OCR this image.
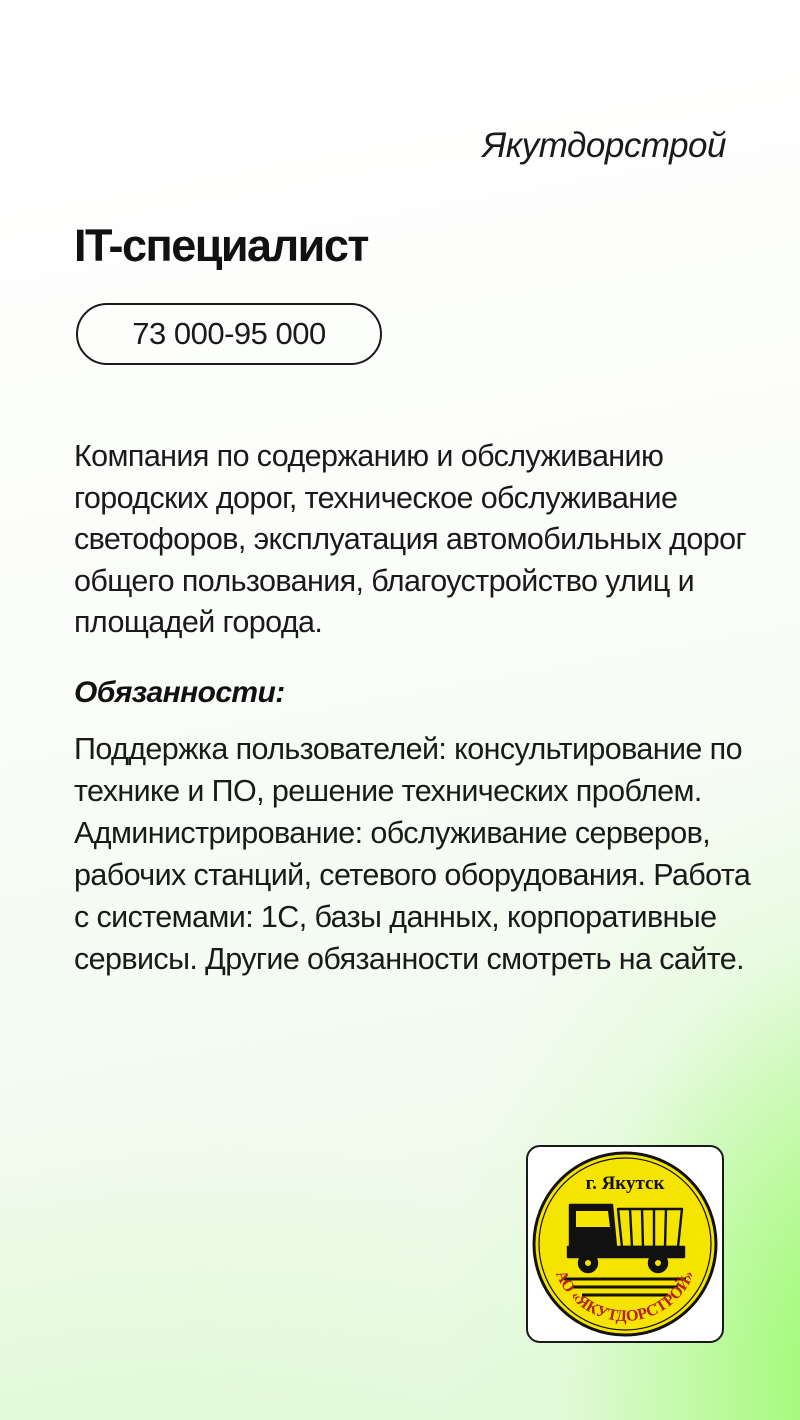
Якутдорстрой
IT-специалист
73 000-95 000

Компания по содержанию и обслуживанию городских дорог, техническое обслуживание светофоров, эксплуатация автомобильных дорог общего пользования, благоустройство улиц и площадей города.

Обязанности:

Поддержка пользователей: консультирование по технике и ПО, решение технических проблем. Администрирование: обслуживание серверов, рабочих станций, сетевого оборудования. Работа с системами: 1С, базы данных, корпоративные сервисы. Другие обязанности смотреть на сайте.

г. Якутск
АО «ЯКУТДОРСТРОЙ»
